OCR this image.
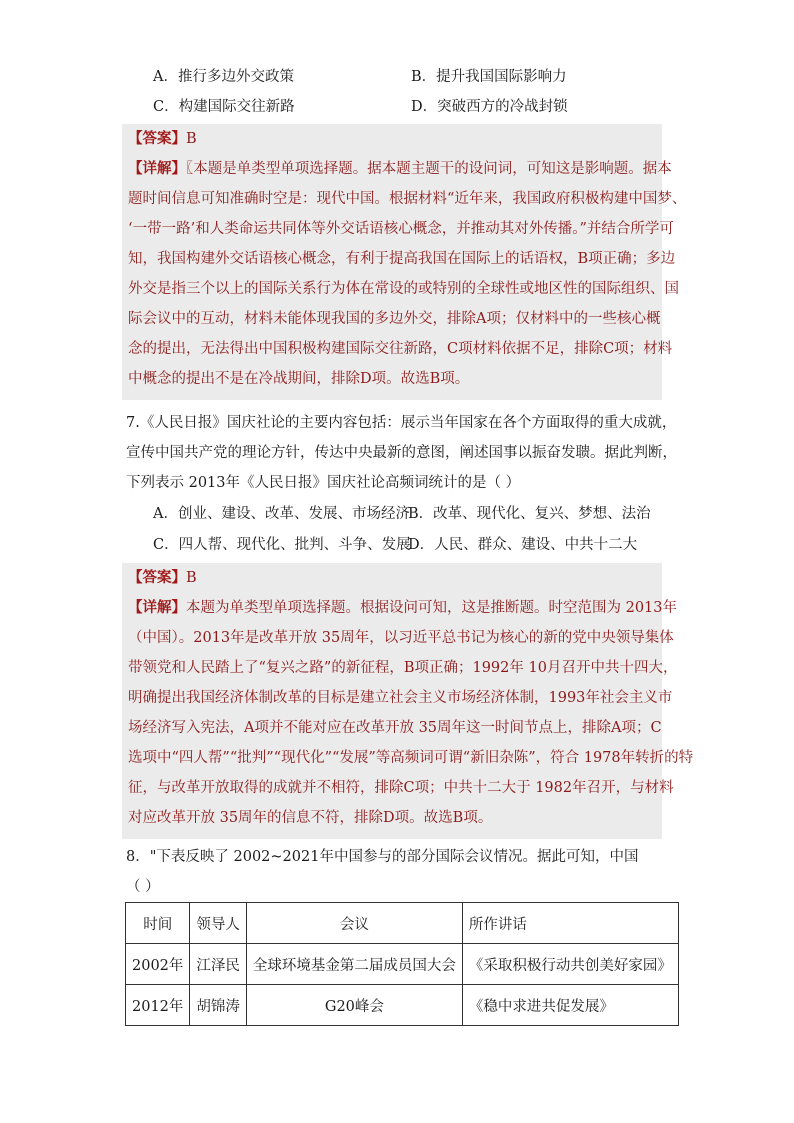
A．推行多边外交政策	B．提升我国国际影响力
C．构建国际交往新路	D．突破西方的冷战封锁
【答案】B
【详解】〖本题是单类型单项选择题。据本题主题干的设问词，可知这是影响题。据本
题时间信息可知准确时空是：现代中国。根据材料“近年来，我国政府积极构建中国梦、
‘一带一路’和人类命运共同体等外交话语核心概念，并推动其对外传播。”并结合所学可
知，我国构建外交话语核心概念，有利于提高我国在国际上的话语权，B项正确；多边
外交是指三个以上的国际关系行为体在常设的或特别的全球性或地区性的国际组织、国
际会议中的互动，材料未能体现我国的多边外交，排除A项；仅材料中的一些核心概
念的提出，无法得出中国积极构建国际交往新路，C项材料依据不足，排除C项；材料
中概念的提出不是在冷战期间，排除D项。故选B项。
7.《人民日报》国庆社论的主要内容包括：展示当年国家在各个方面取得的重大成就，
宣传中国共产党的理论方针，传达中央最新的意图，阐述国事以振奋发聩。据此判断，
下列表示 2013年《人民日报》国庆社论高频词统计的是（ ）
A．创业、建设、改革、发展、市场经济
B．改革、现代化、复兴、梦想、法治
C．四人帮、现代化、批判、斗争、发展
D．人民、群众、建设、中共十二大
【答案】B
【详解】本题为单类型单项选择题。根据设问可知，这是推断题。时空范围为 2013年
（中国）。2013年是改革开放 35周年，以习近平总书记为核心的新的党中央领导集体
带领党和人民踏上了“复兴之路”的新征程，B项正确；1992年 10月召开中共十四大，
明确提出我国经济体制改革的目标是建立社会主义市场经济体制，1993年社会主义市
场经济写入宪法，A项并不能对应在改革开放 35周年这一时间节点上，排除A项；C
选项中“四人帮”“批判”“现代化”“发展”等高频词可谓“新旧杂陈”，符合 1978年转折的特
征，与改革开放取得的成就并不相符，排除C项；中共十二大于 1982年召开，与材料
对应改革开放 35周年的信息不符，排除D项。故选B项。
8．"下表反映了 2002~2021年中国参与的部分国际会议情况。据此可知，中国
（ ）
时间	领导人	会议	所作讲话
2002年	江泽民	全球环境基金第二届成员国大会	《采取积极行动共创美好家园》
2012年	胡锦涛	G20峰会	《稳中求进共促发展》
